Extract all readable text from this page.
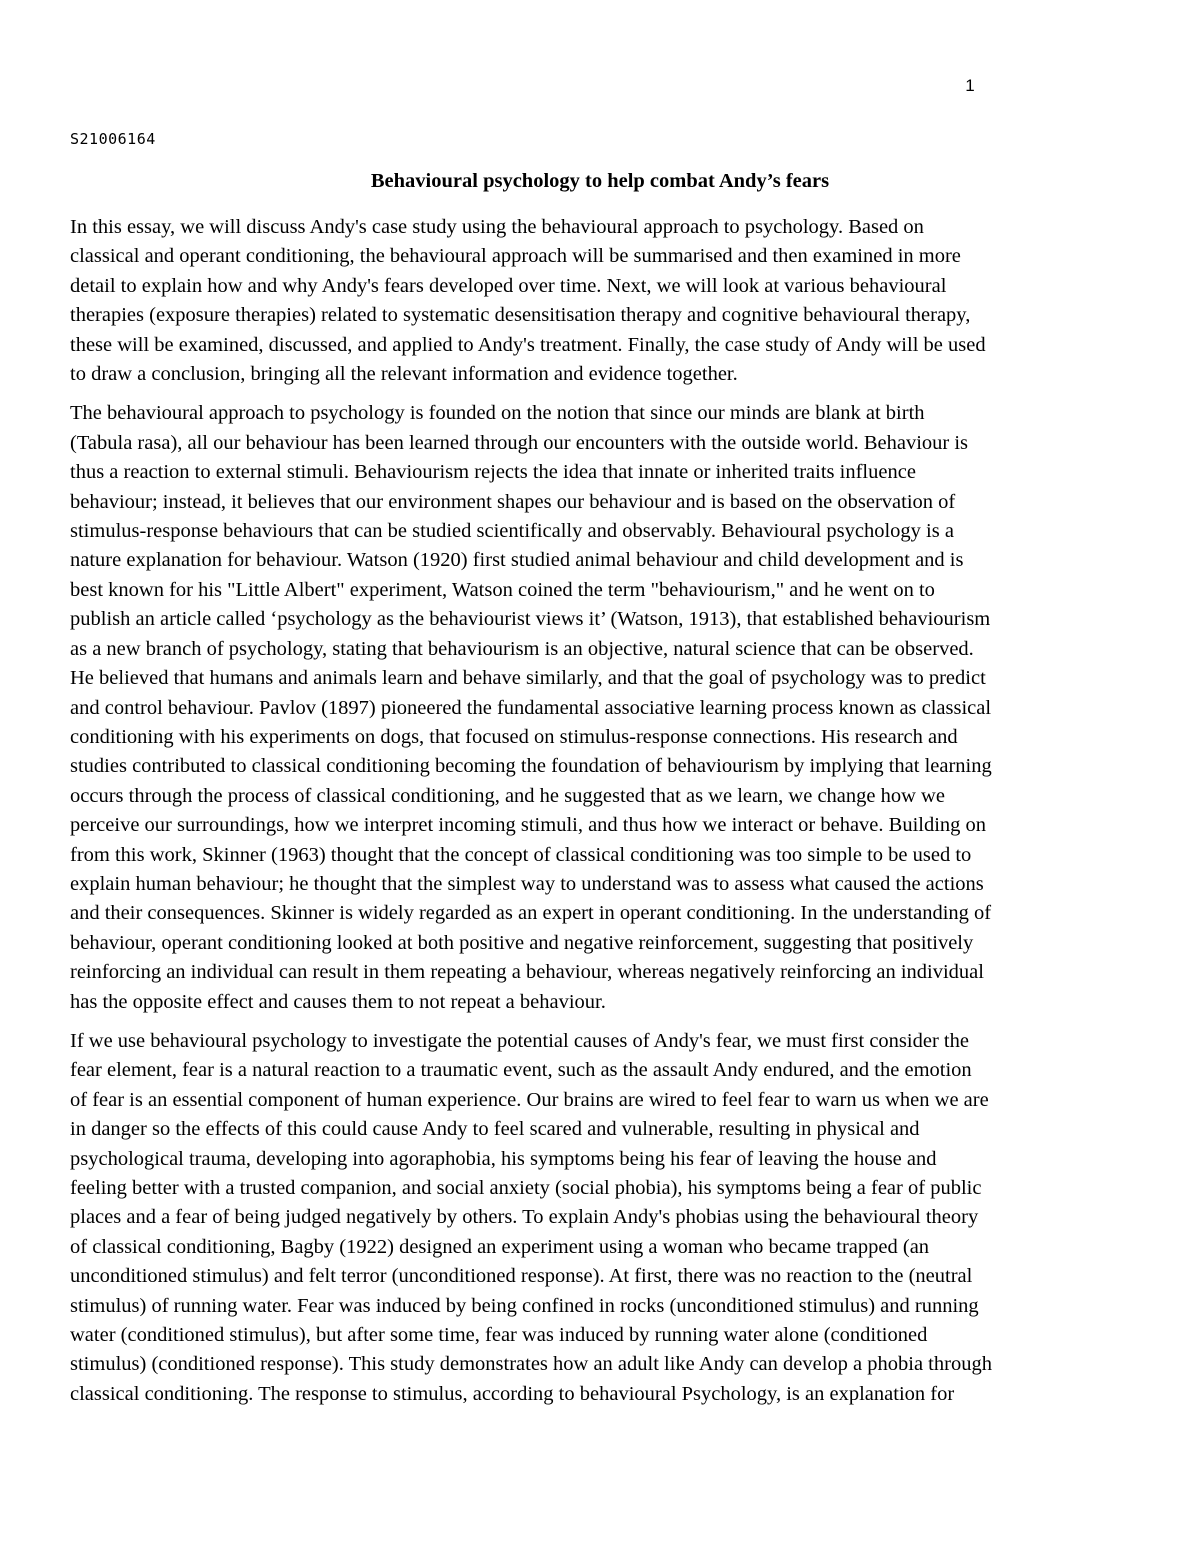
1
S21006164
Behavioural psychology to help combat Andy’s fears

In this essay, we will discuss Andy's case study using the behavioural approach to psychology. Based on
classical and operant conditioning, the behavioural approach will be summarised and then examined in more
detail to explain how and why Andy's fears developed over time. Next, we will look at various behavioural
therapies (exposure therapies) related to systematic desensitisation therapy and cognitive behavioural therapy,
these will be examined, discussed, and applied to Andy's treatment. Finally, the case study of Andy will be used
to draw a conclusion, bringing all the relevant information and evidence together.

The behavioural approach to psychology is founded on the notion that since our minds are blank at birth
(Tabula rasa), all our behaviour has been learned through our encounters with the outside world. Behaviour is
thus a reaction to external stimuli. Behaviourism rejects the idea that innate or inherited traits influence
behaviour; instead, it believes that our environment shapes our behaviour and is based on the observation of
stimulus-response behaviours that can be studied scientifically and observably. Behavioural psychology is a
nature explanation for behaviour. Watson (1920) first studied animal behaviour and child development and is
best known for his "Little Albert" experiment, Watson coined the term "behaviourism," and he went on to
publish an article called ‘psychology as the behaviourist views it’ (Watson, 1913), that established behaviourism
as a new branch of psychology, stating that behaviourism is an objective, natural science that can be observed.
He believed that humans and animals learn and behave similarly, and that the goal of psychology was to predict
and control behaviour. Pavlov (1897) pioneered the fundamental associative learning process known as classical
conditioning with his experiments on dogs, that focused on stimulus-response connections. His research and
studies contributed to classical conditioning becoming the foundation of behaviourism by implying that learning
occurs through the process of classical conditioning, and he suggested that as we learn, we change how we
perceive our surroundings, how we interpret incoming stimuli, and thus how we interact or behave. Building on
from this work, Skinner (1963) thought that the concept of classical conditioning was too simple to be used to
explain human behaviour; he thought that the simplest way to understand was to assess what caused the actions
and their consequences. Skinner is widely regarded as an expert in operant conditioning. In the understanding of
behaviour, operant conditioning looked at both positive and negative reinforcement, suggesting that positively
reinforcing an individual can result in them repeating a behaviour, whereas negatively reinforcing an individual
has the opposite effect and causes them to not repeat a behaviour.

If we use behavioural psychology to investigate the potential causes of Andy's fear, we must first consider the
fear element, fear is a natural reaction to a traumatic event, such as the assault Andy endured, and the emotion
of fear is an essential component of human experience. Our brains are wired to feel fear to warn us when we are
in danger so the effects of this could cause Andy to feel scared and vulnerable, resulting in physical and
psychological trauma, developing into agoraphobia, his symptoms being his fear of leaving the house and
feeling better with a trusted companion, and social anxiety (social phobia), his symptoms being a fear of public
places and a fear of being judged negatively by others. To explain Andy's phobias using the behavioural theory
of classical conditioning, Bagby (1922) designed an experiment using a woman who became trapped (an
unconditioned stimulus) and felt terror (unconditioned response). At first, there was no reaction to the (neutral
stimulus) of running water. Fear was induced by being confined in rocks (unconditioned stimulus) and running
water (conditioned stimulus), but after some time, fear was induced by running water alone (conditioned
stimulus) (conditioned response). This study demonstrates how an adult like Andy can develop a phobia through
classical conditioning. The response to stimulus, according to behavioural Psychology, is an explanation for
